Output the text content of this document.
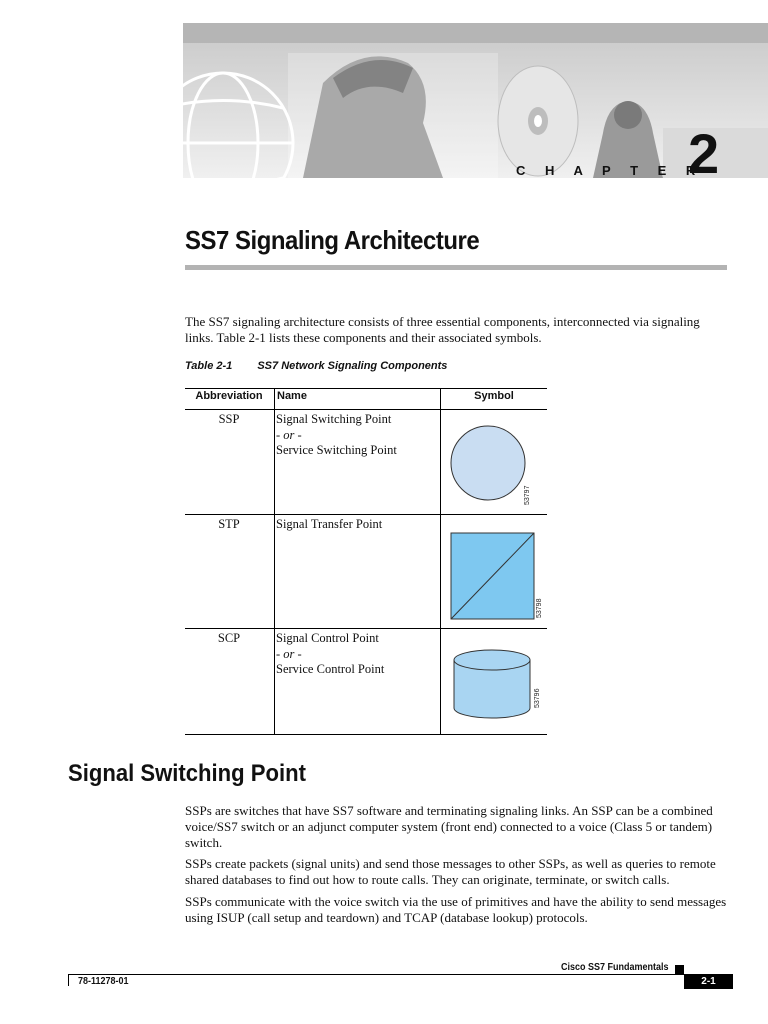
C H A P T E R
2
SS7 Signaling Architecture

The SS7 signaling architecture consists of three essential components, interconnected via signaling links. Table 2-1 lists these components and their associated symbols.

Table 2-1 SS7 Network Signaling Components
Abbreviation	Name	Symbol
SSP	Signal Switching Point
- or -
Service Switching Point
53797
STP	Signal Transfer Point
53798
SCP	Signal Control Point
- or -
Service Control Point
53796
Signal Switching Point

SSPs are switches that have SS7 software and terminating signaling links. An SSP can be a combined voice/SS7 switch or an adjunct computer system (front end) connected to a voice (Class 5 or tandem) switch.

SSPs create packets (signal units) and send those messages to other SSPs, as well as queries to remote shared databases to find out how to route calls. They can originate, terminate, or switch calls.

SSPs communicate with the voice switch via the use of primitives and have the ability to send messages using ISUP (call setup and teardown) and TCAP (database lookup) protocols.

Cisco SS7 Fundamentals
78-11278-01	2-1
